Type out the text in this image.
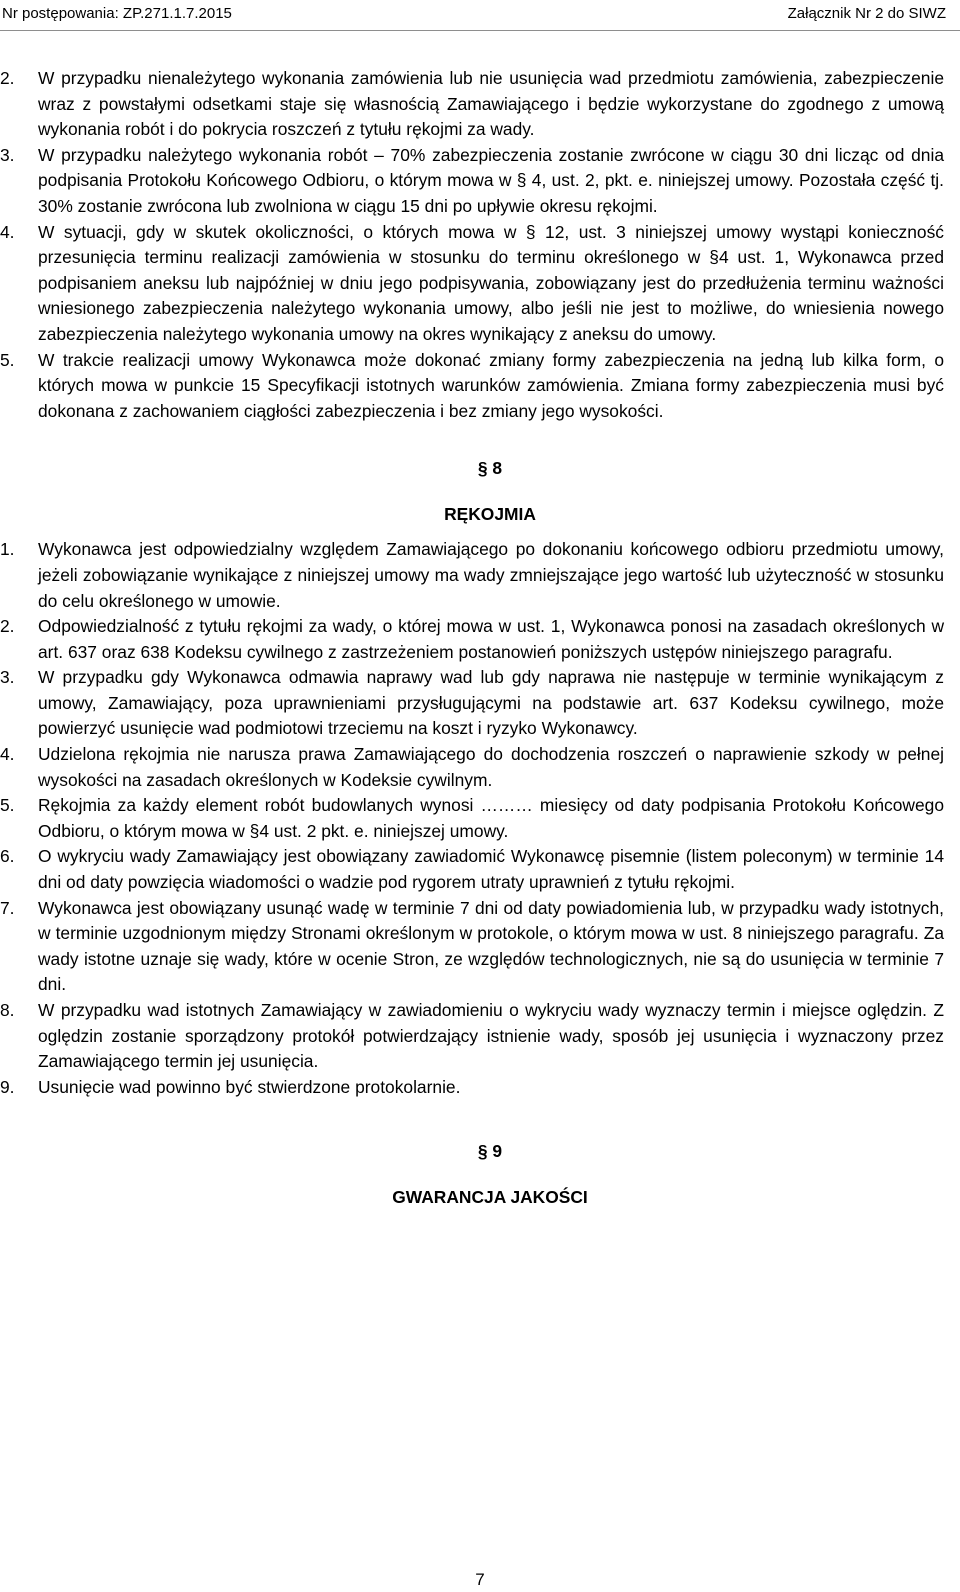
Nr postępowania: ZP.271.1.7.2015	Załącznik Nr 2 do SIWZ
2. W przypadku nienależytego wykonania zamówienia lub nie usunięcia wad przedmiotu zamówienia, zabezpieczenie wraz z powstałymi odsetkami staje się własnością Zamawiającego i będzie wykorzystane do zgodnego z umową wykonania robót i do pokrycia roszczeń z tytułu rękojmi za wady.
3. W przypadku należytego wykonania robót – 70% zabezpieczenia zostanie zwrócone w ciągu 30 dni licząc od dnia podpisania Protokołu Końcowego Odbioru, o którym mowa w § 4, ust. 2, pkt. e. niniejszej umowy. Pozostała część tj. 30% zostanie zwrócona lub zwolniona w ciągu 15 dni po upływie okresu rękojmi.
4. W sytuacji, gdy w skutek okoliczności, o których mowa w § 12, ust. 3 niniejszej umowy wystąpi konieczność przesunięcia terminu realizacji zamówienia w stosunku do terminu określonego w §4 ust. 1, Wykonawca przed podpisaniem aneksu lub najpóźniej w dniu jego podpisywania, zobowiązany jest do przedłużenia terminu ważności wniesionego zabezpieczenia należytego wykonania umowy, albo jeśli nie jest to możliwe, do wniesienia nowego zabezpieczenia należytego wykonania umowy na okres wynikający z aneksu do umowy.
5. W trakcie realizacji umowy Wykonawca może dokonać zmiany formy zabezpieczenia na jedną lub kilka form, o których mowa w punkcie 15 Specyfikacji istotnych warunków zamówienia. Zmiana formy zabezpieczenia musi być dokonana z zachowaniem ciągłości zabezpieczenia i bez zmiany jego wysokości.
§ 8
RĘKOJMIA
1. Wykonawca jest odpowiedzialny względem Zamawiającego po dokonaniu końcowego odbioru przedmiotu umowy, jeżeli zobowiązanie wynikające z niniejszej umowy ma wady zmniejszające jego wartość lub użyteczność w stosunku do celu określonego w umowie.
2. Odpowiedzialność z tytułu rękojmi za wady, o której mowa w ust. 1, Wykonawca ponosi na zasadach określonych w art. 637 oraz 638 Kodeksu cywilnego z zastrzeżeniem postanowień poniższych ustępów niniejszego paragrafu.
3. W przypadku gdy Wykonawca odmawia naprawy wad lub gdy naprawa nie następuje w terminie wynikającym z umowy, Zamawiający, poza uprawnieniami przysługującymi na podstawie art. 637 Kodeksu cywilnego, może powierzyć usunięcie wad podmiotowi trzeciemu na koszt i ryzyko Wykonawcy.
4. Udzielona rękojmia nie narusza prawa Zamawiającego do dochodzenia roszczeń o naprawienie szkody w pełnej wysokości na zasadach określonych w Kodeksie cywilnym.
5. Rękojmia za każdy element robót budowlanych wynosi ……… miesięcy od daty podpisania Protokołu Końcowego Odbioru, o którym mowa w §4 ust. 2 pkt. e. niniejszej umowy.
6. O wykryciu wady Zamawiający jest obowiązany zawiadomić Wykonawcę pisemnie (listem poleconym) w terminie 14 dni od daty powzięcia wiadomości o wadzie pod rygorem utraty uprawnień z tytułu rękojmi.
7. Wykonawca jest obowiązany usunąć wadę w terminie 7 dni od daty powiadomienia lub, w przypadku wady istotnych, w terminie uzgodnionym między Stronami określonym w protokole, o którym mowa w ust. 8 niniejszego paragrafu. Za wady istotne uznaje się wady, które w ocenie Stron, ze względów technologicznych, nie są do usunięcia w terminie 7 dni.
8. W przypadku wad istotnych Zamawiający w zawiadomieniu o wykryciu wady wyznaczy termin i miejsce oględzin. Z oględzin zostanie sporządzony protokół potwierdzający istnienie wady, sposób jej usunięcia i wyznaczony przez Zamawiającego termin jej usunięcia.
9. Usunięcie wad powinno być stwierdzone protokolarnie.
§ 9
GWARANCJA JAKOŚCI
7
